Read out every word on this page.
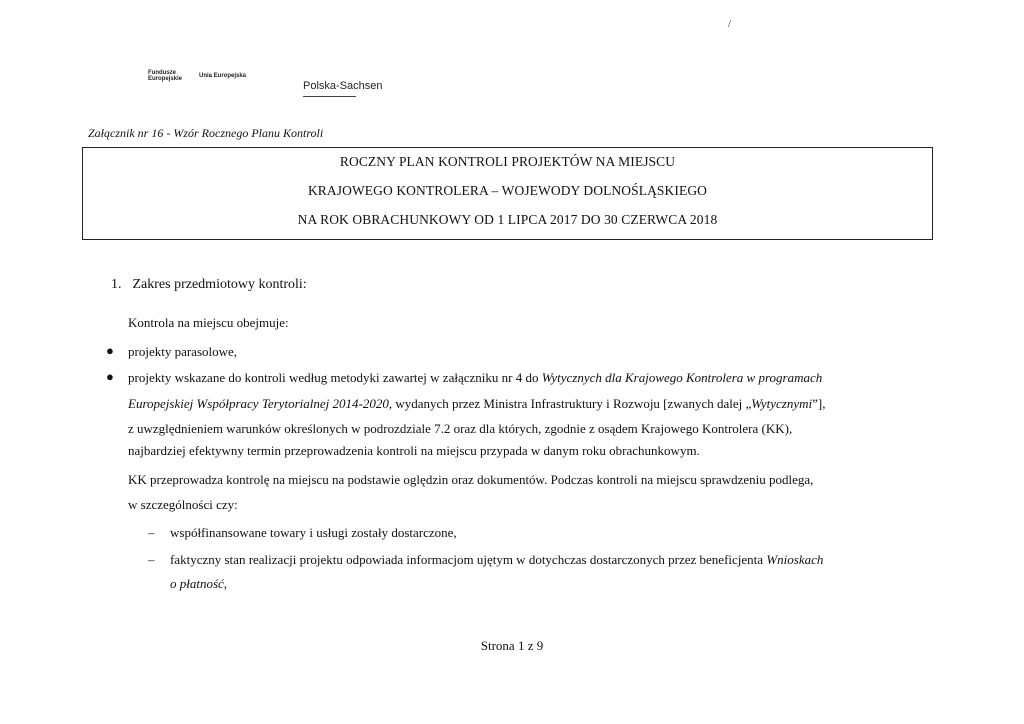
/
Fundusze
Europejskie	Unia Europejska
Polska-Sachsen
Załącznik nr 16 - Wzór Rocznego Planu Kontroli
ROCZNY PLAN KONTROLI PROJEKTÓW NA MIEJSCU
KRAJOWEGO KONTROLERA – WOJEWODY DOLNOŚLĄSKIEGO
NA ROK OBRACHUNKOWY OD 1 LIPCA 2017 DO 30 CZERWCA 2018
1. Zakres przedmiotowy kontroli:
Kontrola na miejscu obejmuje:
● projekty parasolowe,
● projekty wskazane do kontroli według metodyki zawartej w załączniku nr 4 do Wytycznych dla Krajowego Kontrolera w programach
Europejskiej Współpracy Terytorialnej 2014-2020, wydanych przez Ministra Infrastruktury i Rozwoju [zwanych dalej „Wytycznymi”],
z uwzględnieniem warunków określonych w podrozdziale 7.2 oraz dla których, zgodnie z osądem Krajowego Kontrolera (KK),
najbardziej efektywny termin przeprowadzenia kontroli na miejscu przypada w danym roku obrachunkowym.
KK przeprowadza kontrolę na miejscu na podstawie oględzin oraz dokumentów. Podczas kontroli na miejscu sprawdzeniu podlega,
w szczególności czy:
– współfinansowane towary i usługi zostały dostarczone,
– faktyczny stan realizacji projektu odpowiada informacjom ujętym w dotychczas dostarczonych przez beneficjenta Wnioskach
o płatność,
Strona 1 z 9
